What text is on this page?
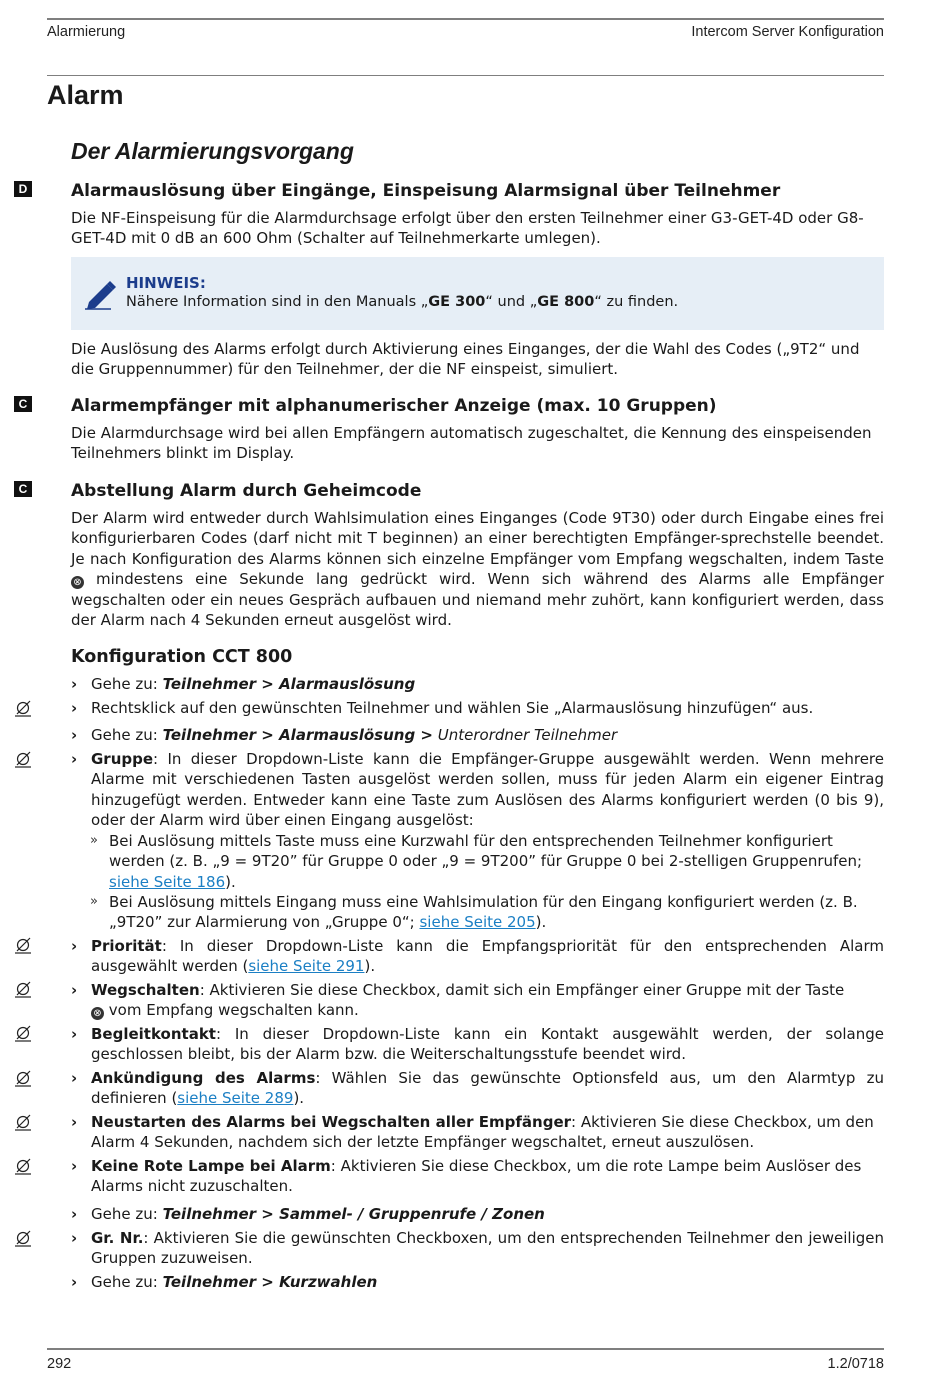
Alarmierung	Intercom Server Konfiguration
Alarm
Der Alarmierungsvorgang
D	Alarmauslösung über Eingänge, Einspeisung Alarmsignal über Teilnehmer

Die NF-Einspeisung für die Alarmdurchsage erfolgt über den ersten Teilnehmer einer G3-GET-4D oder G8-GET-4D mit 0 dB an 600 Ohm (Schalter auf Teilnehmerkarte umlegen).

HINWEIS:
Nähere Information sind in den Manuals „GE 300“ und „GE 800“ zu finden.

Die Auslösung des Alarms erfolgt durch Aktivierung eines Einganges, der die Wahl des Codes („9T2“ und die Gruppennummer) für den Teilnehmer, der die NF einspeist, simuliert.

C	Alarmempfänger mit alphanumerischer Anzeige (max. 10 Gruppen)

Die Alarmdurchsage wird bei allen Empfängern automatisch zugeschaltet, die Kennung des einspeisenden Teilnehmers blinkt im Display.

C	Abstellung Alarm durch Geheimcode

Der Alarm wird entweder durch Wahlsimulation eines Einganges (Code 9T30) oder durch Eingabe eines frei konfigurierbaren Codes (darf nicht mit T beginnen) an einer berechtigten Empfänger-sprechstelle beendet. Je nach Konfiguration des Alarms können sich einzelne Empfänger vom Empfang wegschalten, indem Taste ⊗ mindestens eine Sekunde lang gedrückt wird. Wenn sich während des Alarms alle Empfänger wegschalten oder ein neues Gespräch aufbauen und niemand mehr zuhört, kann konfiguriert werden, dass der Alarm nach 4 Sekunden erneut ausgelöst wird.

Konfiguration CCT 800
› Gehe zu: Teilnehmer > Alarmauslösung
› Rechtsklick auf den gewünschten Teilnehmer und wählen Sie „Alarmauslösung hinzufügen“ aus.
› Gehe zu: Teilnehmer > Alarmauslösung > Unterordner Teilnehmer
› Gruppe: In dieser Dropdown-Liste kann die Empfänger-Gruppe ausgewählt werden. Wenn mehrere Alarme mit verschiedenen Tasten ausgelöst werden sollen, muss für jeden Alarm ein eigener Eintrag hinzugefügt werden. Entweder kann eine Taste zum Auslösen des Alarms konfiguriert werden (0 bis 9), oder der Alarm wird über einen Eingang ausgelöst:
» Bei Auslösung mittels Taste muss eine Kurzwahl für den entsprechenden Teilnehmer konfiguriert werden (z. B. „9 = 9T20” für Gruppe 0 oder „9 = 9T200” für Gruppe 0 bei 2-stelligen Gruppenrufen;
siehe Seite 186).
» Bei Auslösung mittels Eingang muss eine Wahlsimulation für den Eingang konfiguriert werden (z. B. „9T20” zur Alarmierung von „Gruppe 0“; siehe Seite 205).
› Priorität: In dieser Dropdown-Liste kann die Empfangspriorität für den entsprechenden Alarm ausgewählt werden (siehe Seite 291).
› Wegschalten: Aktivieren Sie diese Checkbox, damit sich ein Empfänger einer Gruppe mit der Taste
⊗ vom Empfang wegschalten kann.
› Begleitkontakt: In dieser Dropdown-Liste kann ein Kontakt ausgewählt werden, der solange geschlossen bleibt, bis der Alarm bzw. die Weiterschaltungsstufe beendet wird.
› Ankündigung des Alarms: Wählen Sie das gewünschte Optionsfeld aus, um den Alarmtyp zu definieren (siehe Seite 289).
› Neustarten des Alarms bei Wegschalten aller Empfänger: Aktivieren Sie diese Checkbox, um den Alarm 4 Sekunden, nachdem sich der letzte Empfänger wegschaltet, erneut auszulösen.
› Keine Rote Lampe bei Alarm: Aktivieren Sie diese Checkbox, um die rote Lampe beim Auslöser des Alarms nicht zuzuschalten.
› Gehe zu: Teilnehmer > Sammel- / Gruppenrufe / Zonen
› Gr. Nr.: Aktivieren Sie die gewünschten Checkboxen, um den entsprechenden Teilnehmer den jeweiligen Gruppen zuzuweisen.
› Gehe zu: Teilnehmer > Kurzwahlen
292	1.2/0718
